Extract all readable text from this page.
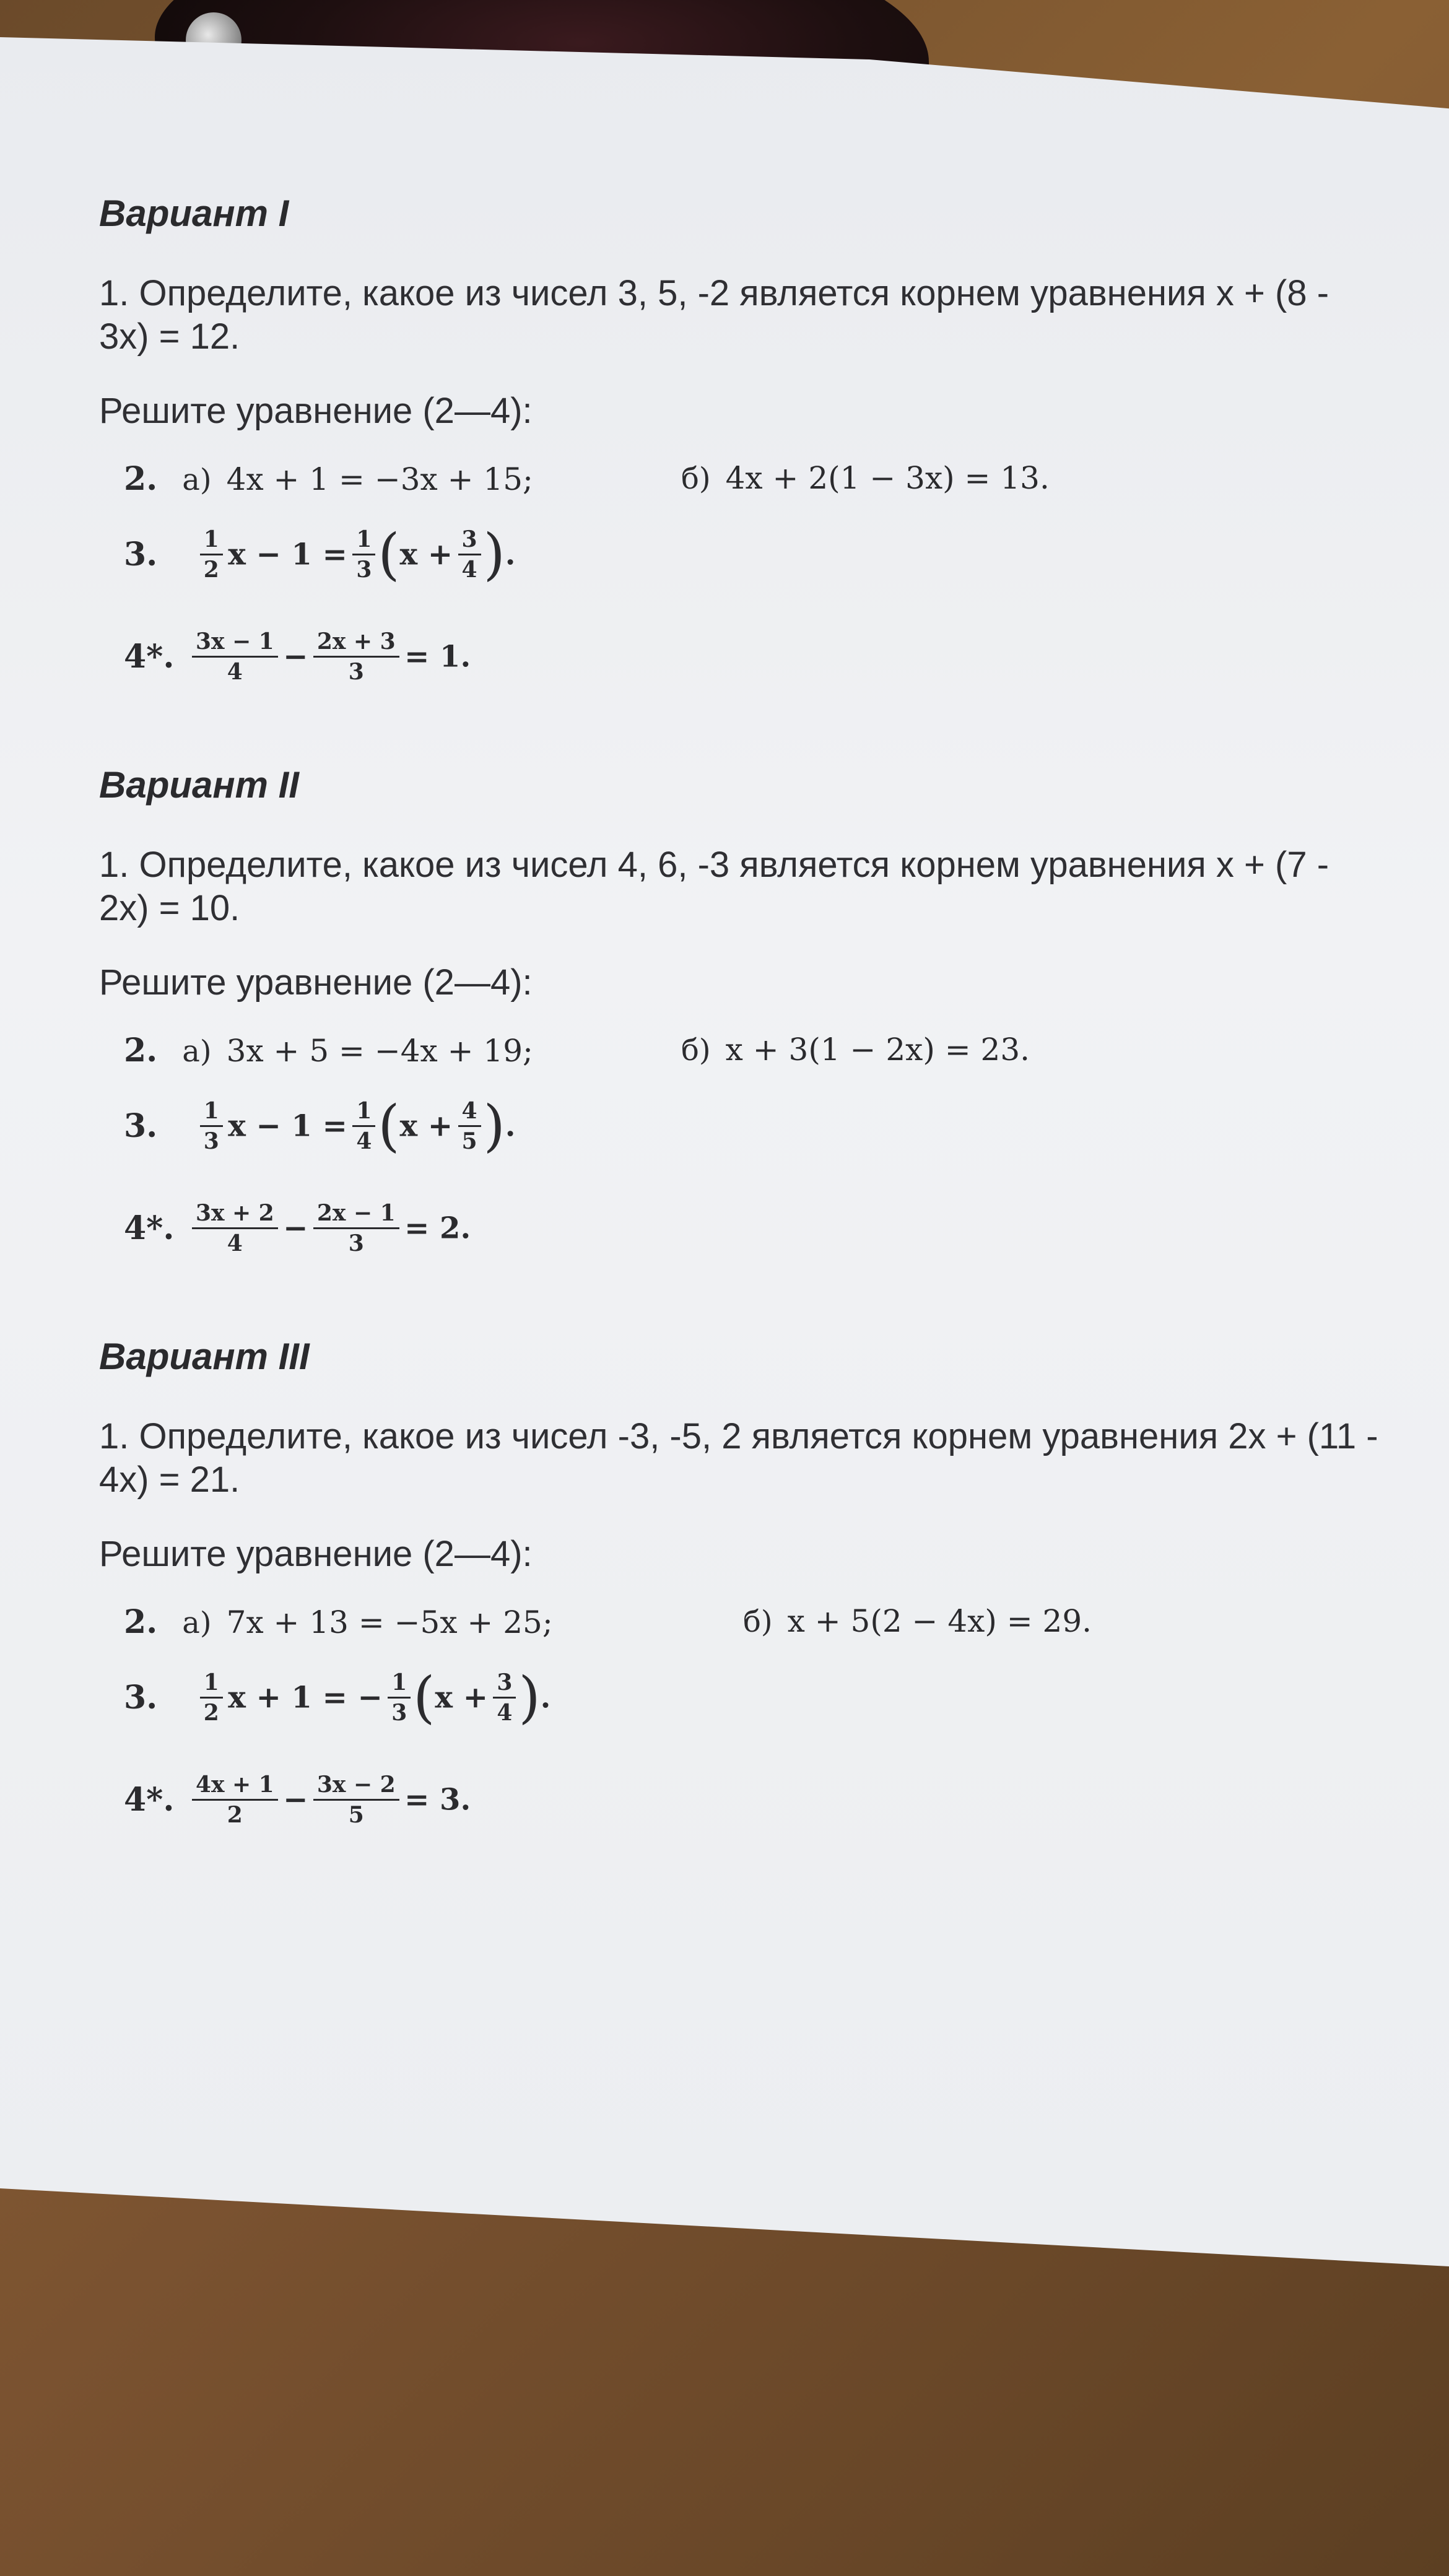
Вариант I
1. Определите, какое из чисел 3, 5, -2 является корнем уравнения x + (8 - 3x) = 12.
Решите уравнение (2—4):
2. а) 4x + 1 = −3x + 15;	б) 4x + 2(1 − 3x) = 13.
3. $\frac{1}{2}$ $x - 1 = \frac{1}{3} (x + \frac{3}{4}$ ).
4*. $\frac{3x - 1}{4} - \frac{2x + 3}{3} = 1$.
Вариант II
1. Определите, какое из чисел 4, 6, -3 является корнем уравнения x + (7 - 2x) = 10.
Решите уравнение (2—4):
2. а) 3x + 5 = −4x + 19;	б) x + 3(1 − 2x) = 23.
3. $\frac{1}{3}$ $x - 1 = \frac{1}{4} (x + \frac{4}{5}$ ).
4*. $\frac{3x + 2}{4} - \frac{2x - 1}{3} = 2$.
Вариант III
1. Определите, какое из чисел -3, -5, 2 является корнем уравнения 2x + (11 - 4x) = 21.
Решите уравнение (2—4):
2. а) 7x + 13 = −5x + 25;	б) x + 5(2 − 4x) = 29.
3. $\frac{1}{2}$ x + 1 = − $\frac{1}{3} (x + \frac{3}{4}$ ).
4*. $\frac{4x + 1}{2} - \frac{3x - 2}{5} = 3$.
